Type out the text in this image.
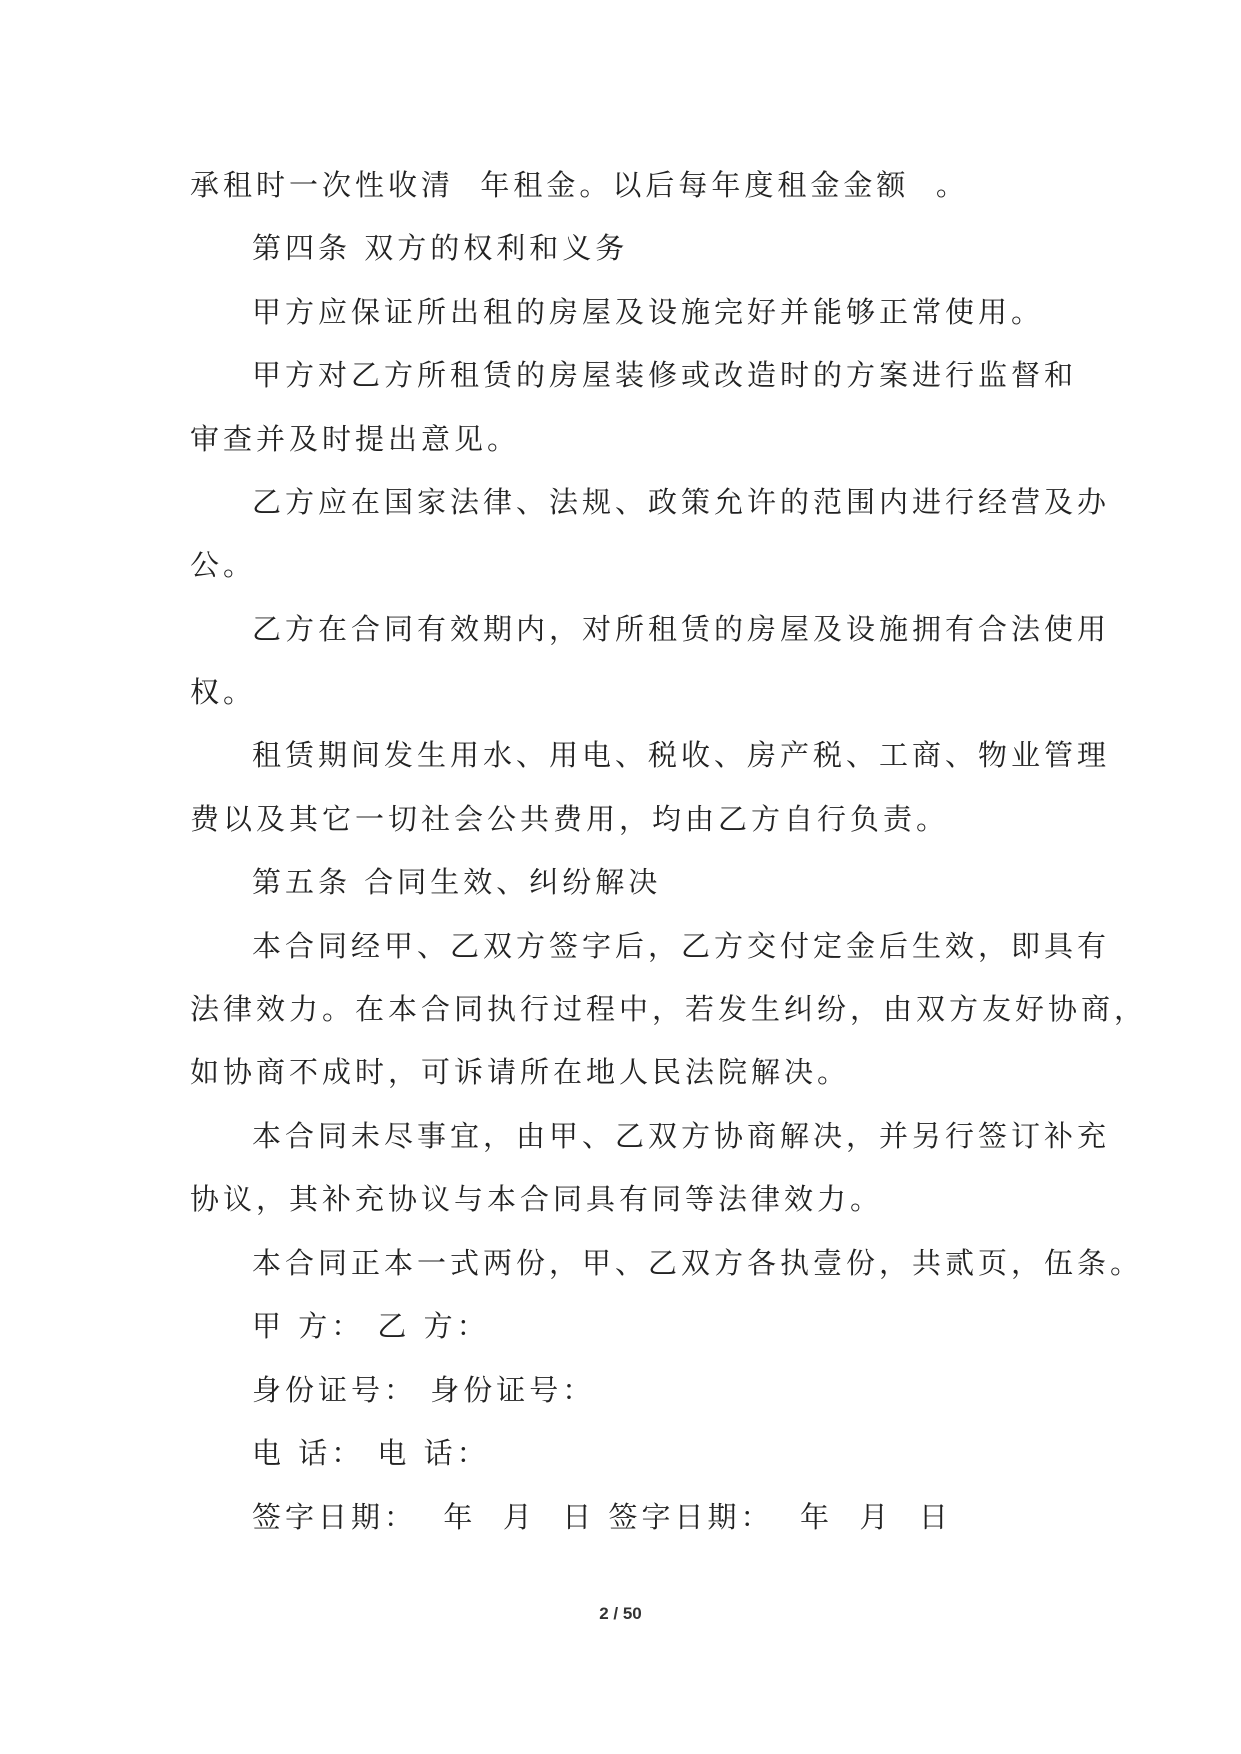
承租时一次性收清  年租金。以后每年度租金金额  。
第四条 双方的权利和义务
甲方应保证所出租的房屋及设施完好并能够正常使用。
甲方对乙方所租赁的房屋装修或改造时的方案进行监督和
审查并及时提出意见。
乙方应在国家法律、法规、政策允许的范围内进行经营及办
公。
乙方在合同有效期内，对所租赁的房屋及设施拥有合法使用
权。
租赁期间发生用水、用电、税收、房产税、工商、物业管理
费以及其它一切社会公共费用，均由乙方自行负责。
第五条 合同生效、纠纷解决
本合同经甲、乙双方签字后，乙方交付定金后生效，即具有
法律效力。在本合同执行过程中，若发生纠纷，由双方友好协商，
如协商不成时，可诉请所在地人民法院解决。
本合同未尽事宜，由甲、乙双方协商解决，并另行签订补充
协议，其补充协议与本合同具有同等法律效力。
本合同正本一式两份，甲、乙双方各执壹份，共贰页，伍条。
甲 方： 乙 方：
身份证号： 身份证号：
电 话： 电 话：
签字日期：  年  月  日 签字日期：  年  月  日
2 / 50
